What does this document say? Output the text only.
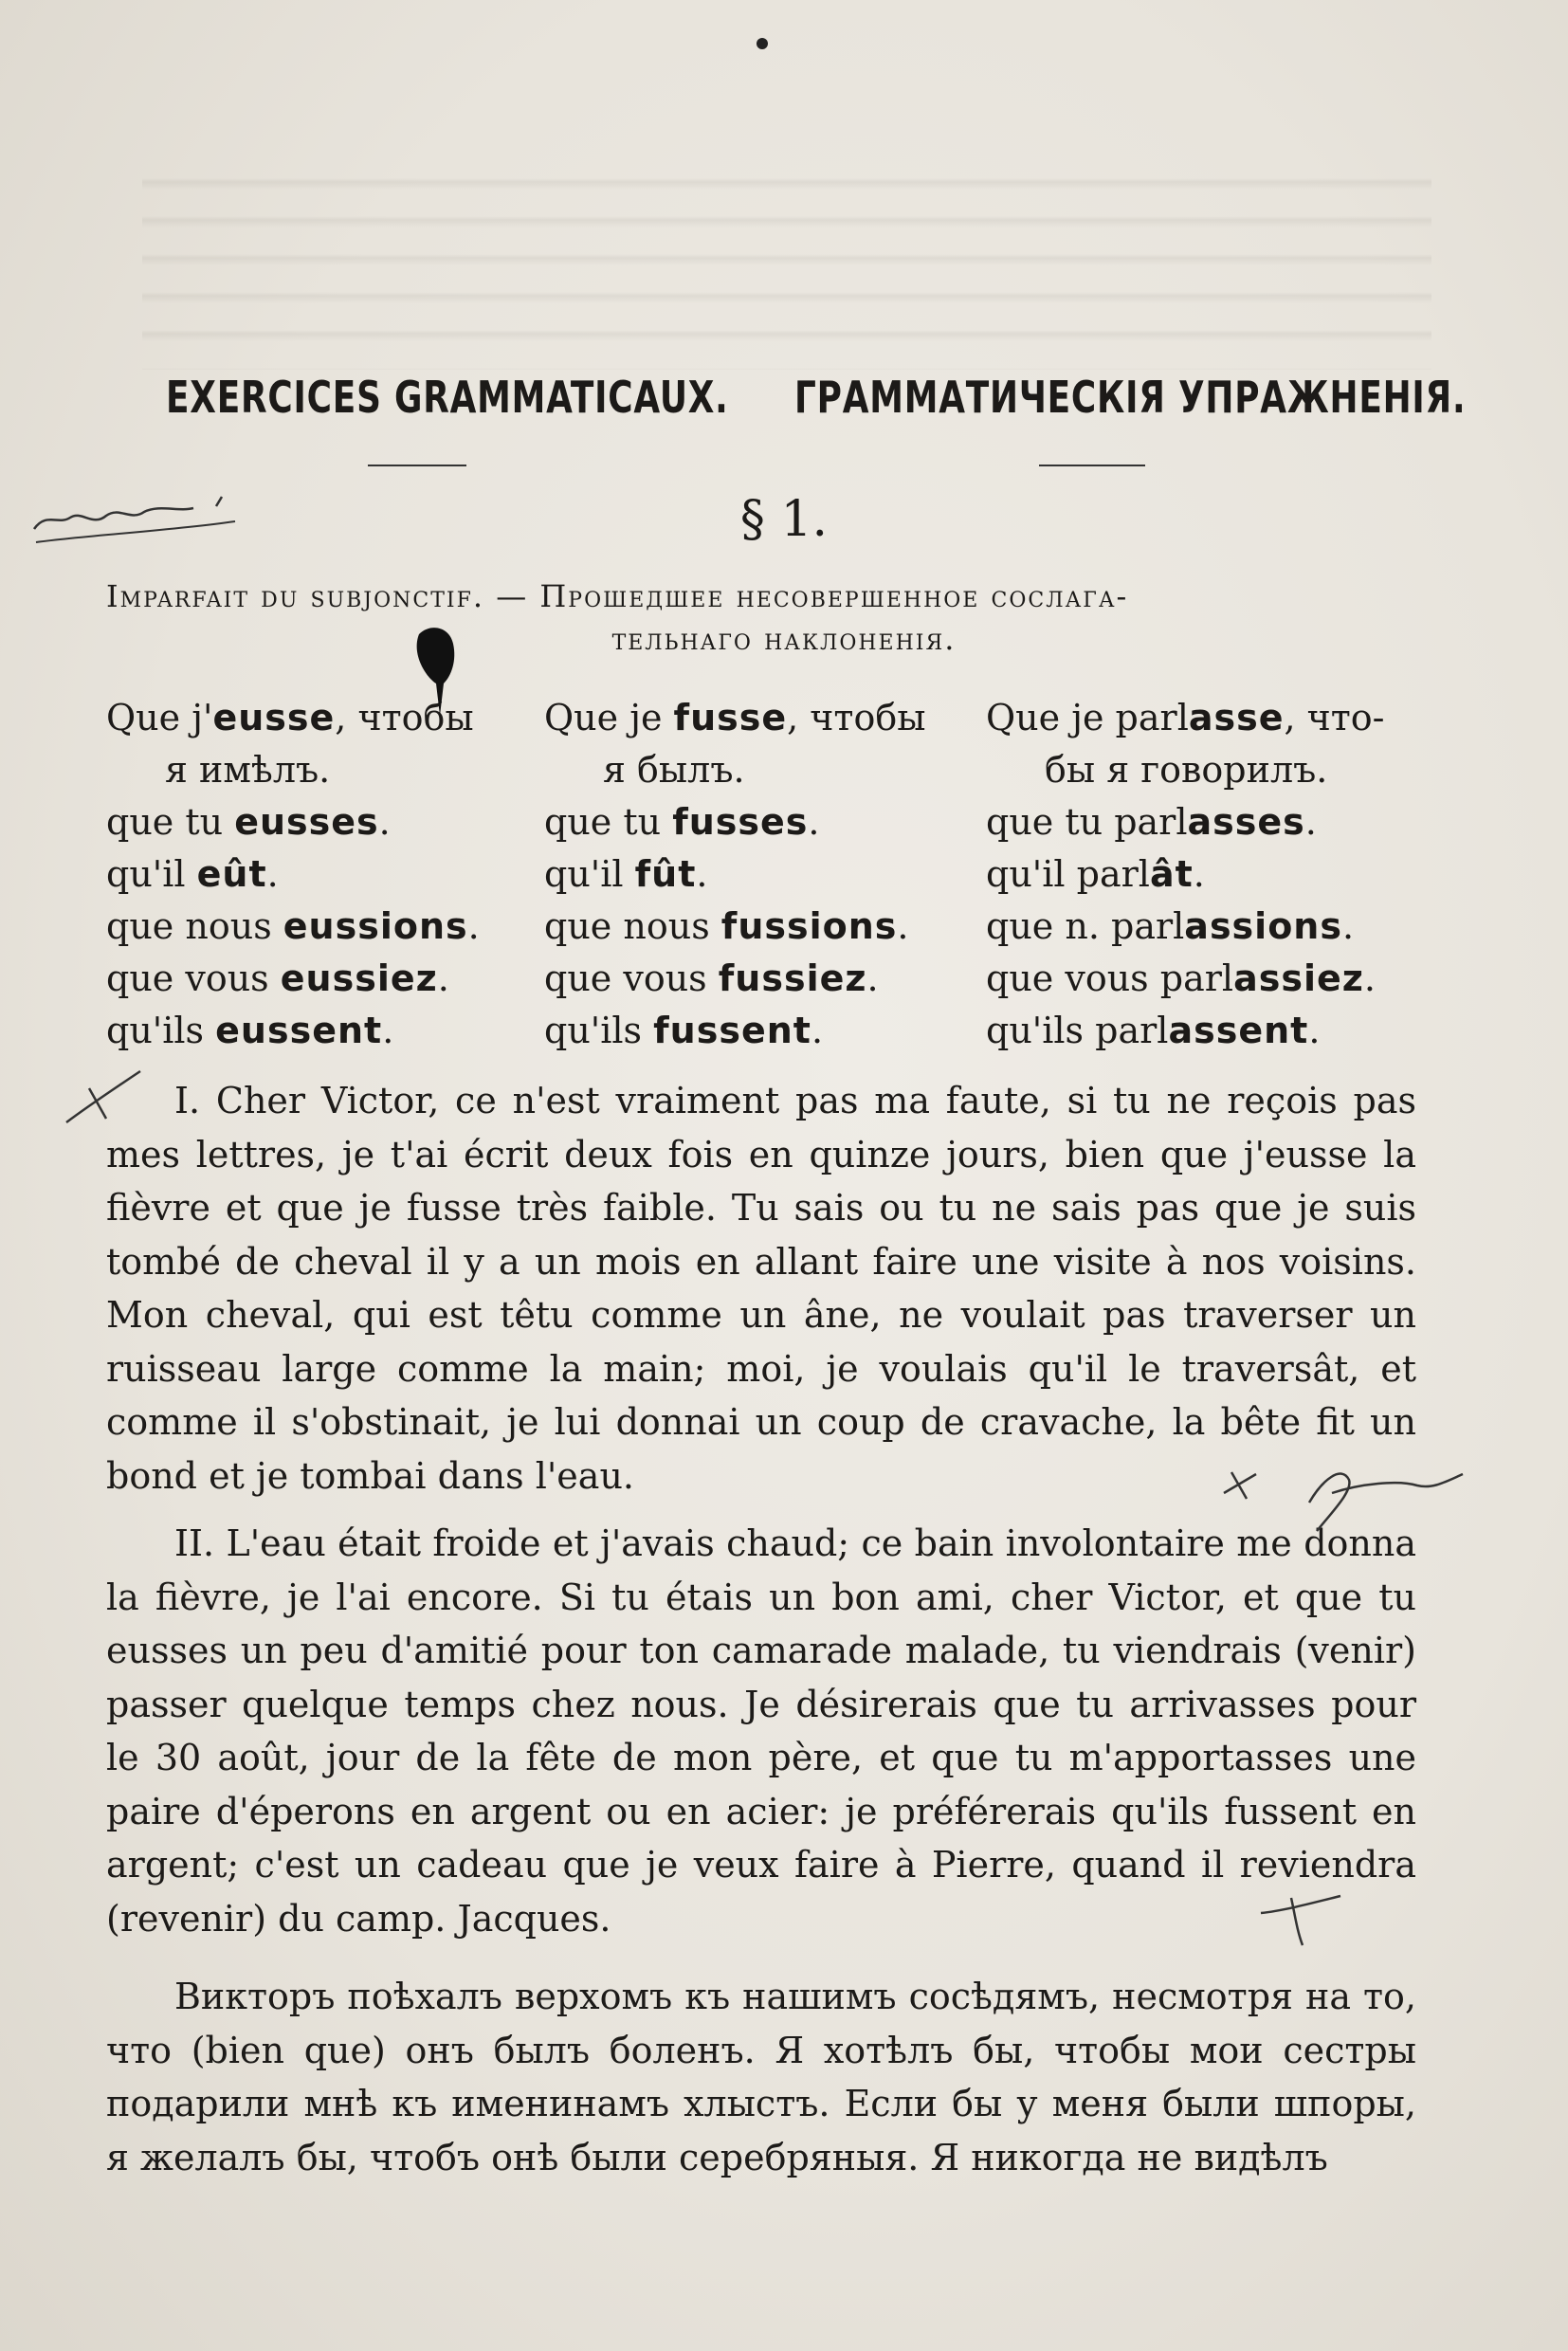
EXERCICES GRAMMATICAUX. ГРАММАТИЧЕСКІЯ УПРАЖНЕНІЯ.
§ 1.
Imparfait du subjonctif. — Прошедшее несовершенное сослага-
тельнаго наклоненія.
Que j'eusse, чтобы
я имѣлъ.
que tu eusses.
qu'il eût.
que nous eussions.
que vous eussiez.
qu'ils eussent.
Que je fusse, чтобы
я былъ.
que tu fusses.
qu'il fût.
que nous fussions.
que vous fussiez.
qu'ils fussent.
Que je parlasse, что-
бы я говорилъ.
que tu parlasses.
qu'il parlât.
que n. parlassions.
que vous parlassiez.
qu'ils parlassent.

I. Cher Victor, ce n'est vraiment pas ma faute, si tu ne reçois pas mes lettres, je t'ai écrit deux fois en quinze jours, bien que j'eusse la fièvre et que je fusse très faible. Tu sais ou tu ne sais pas que je suis tombé de cheval il y a un mois en allant faire une visite à nos voisins. Mon cheval, qui est têtu comme un âne, ne voulait pas traverser un ruisseau large comme la main; moi, je voulais qu'il le traversât, et comme il s'obstinait, je lui donnai un coup de cravache, la bête fit un bond et je tombai dans l'eau.

II. L'eau était froide et j'avais chaud; ce bain involontaire me donna la fièvre, je l'ai encore. Si tu étais un bon ami, cher Victor, et que tu eusses un peu d'amitié pour ton camarade malade, tu viendrais (venir) passer quelque temps chez nous. Je désirerais que tu arrivasses pour le 30 août, jour de la fête de mon père, et que tu m'apportasses une paire d'éperons en argent ou en acier: je préférerais qu'ils fussent en argent; c'est un cadeau que je veux faire à Pierre, quand il reviendra (revenir) du camp. Jacques.

Викторъ поѣхалъ верхомъ къ нашимъ сосѣдямъ, несмотря на то, что (bien que) онъ былъ боленъ. Я хотѣлъ бы, чтобы мои сестры подарили мнѣ къ именинамъ хлыстъ. Если бы у меня были шпоры, я желалъ бы, чтобъ онѣ были серебряныя. Я никогда не видѣлъ
